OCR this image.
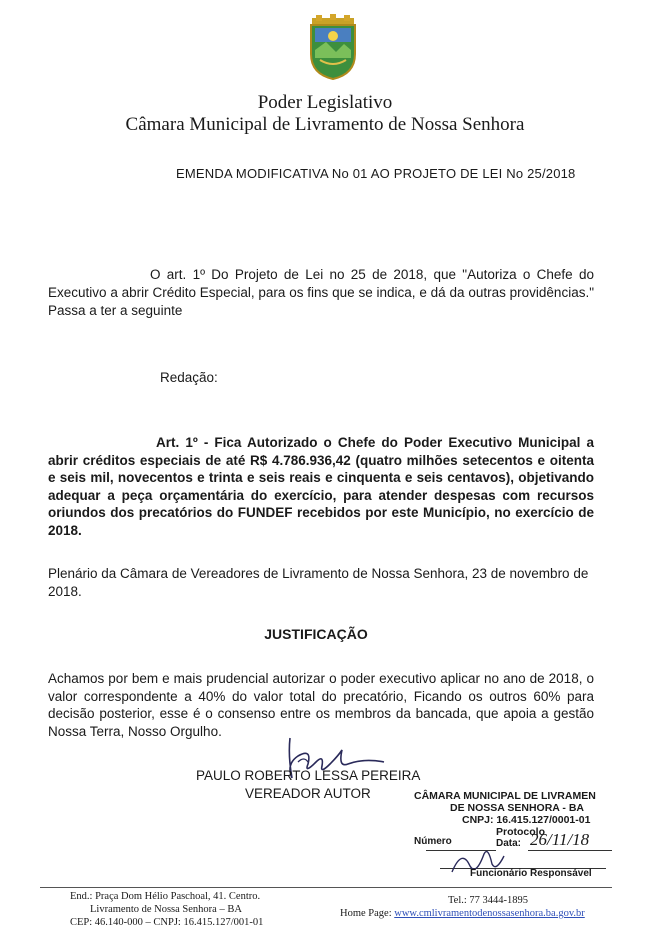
Poder Legislativo
Câmara Municipal de Livramento de Nossa Senhora
EMENDA MODIFICATIVA No 01 AO PROJETO DE LEI No 25/2018
O art. 1º Do Projeto de Lei no 25 de 2018, que "Autoriza o Chefe do Executivo a abrir Crédito Especial, para os fins que se indica, e dá da outras providências." Passa a ter a seguinte
Redação:
Art. 1º - Fica Autorizado o Chefe do Poder Executivo Municipal a abrir créditos especiais de até R$ 4.786.936,42 (quatro milhões setecentos e oitenta e seis mil, novecentos e trinta e seis reais e cinquenta e seis centavos), objetivando adequar a peça orçamentária do exercício, para atender despesas com recursos oriundos dos precatórios do FUNDEF recebidos por este Município, no exercício de 2018.
Plenário da Câmara de Vereadores de Livramento de Nossa Senhora, 23 de novembro de 2018.
JUSTIFICAÇÃO
Achamos por bem e mais prudencial autorizar o poder executivo aplicar no ano de 2018, o valor correspondente a 40% do valor total do precatório, Ficando os outros 60% para decisão posterior, esse é o consenso entre os membros da bancada, que apoia a gestão Nossa Terra, Nosso Orgulho.
PAULO ROBERTO LESSA PEREIRA
VEREADOR AUTOR	CÂMARA MUNICIPAL DE LIVRAMEN
DE NOSSA SENHORA - BA
CNPJ: 16.415.127/0001-01
Protocolo
Número	Data: 26/11/18
Funcionário Responsável
End.: Praça Dom Hélio Paschoal, 41. Centro.
Livramento de Nossa Senhora – BA
CEP: 46.140-000 – CNPJ: 16.415.127/001-01
Tel.: 77 3444-1895
Home Page: www.cmlivramentodenossasenhora.ba.gov.br
